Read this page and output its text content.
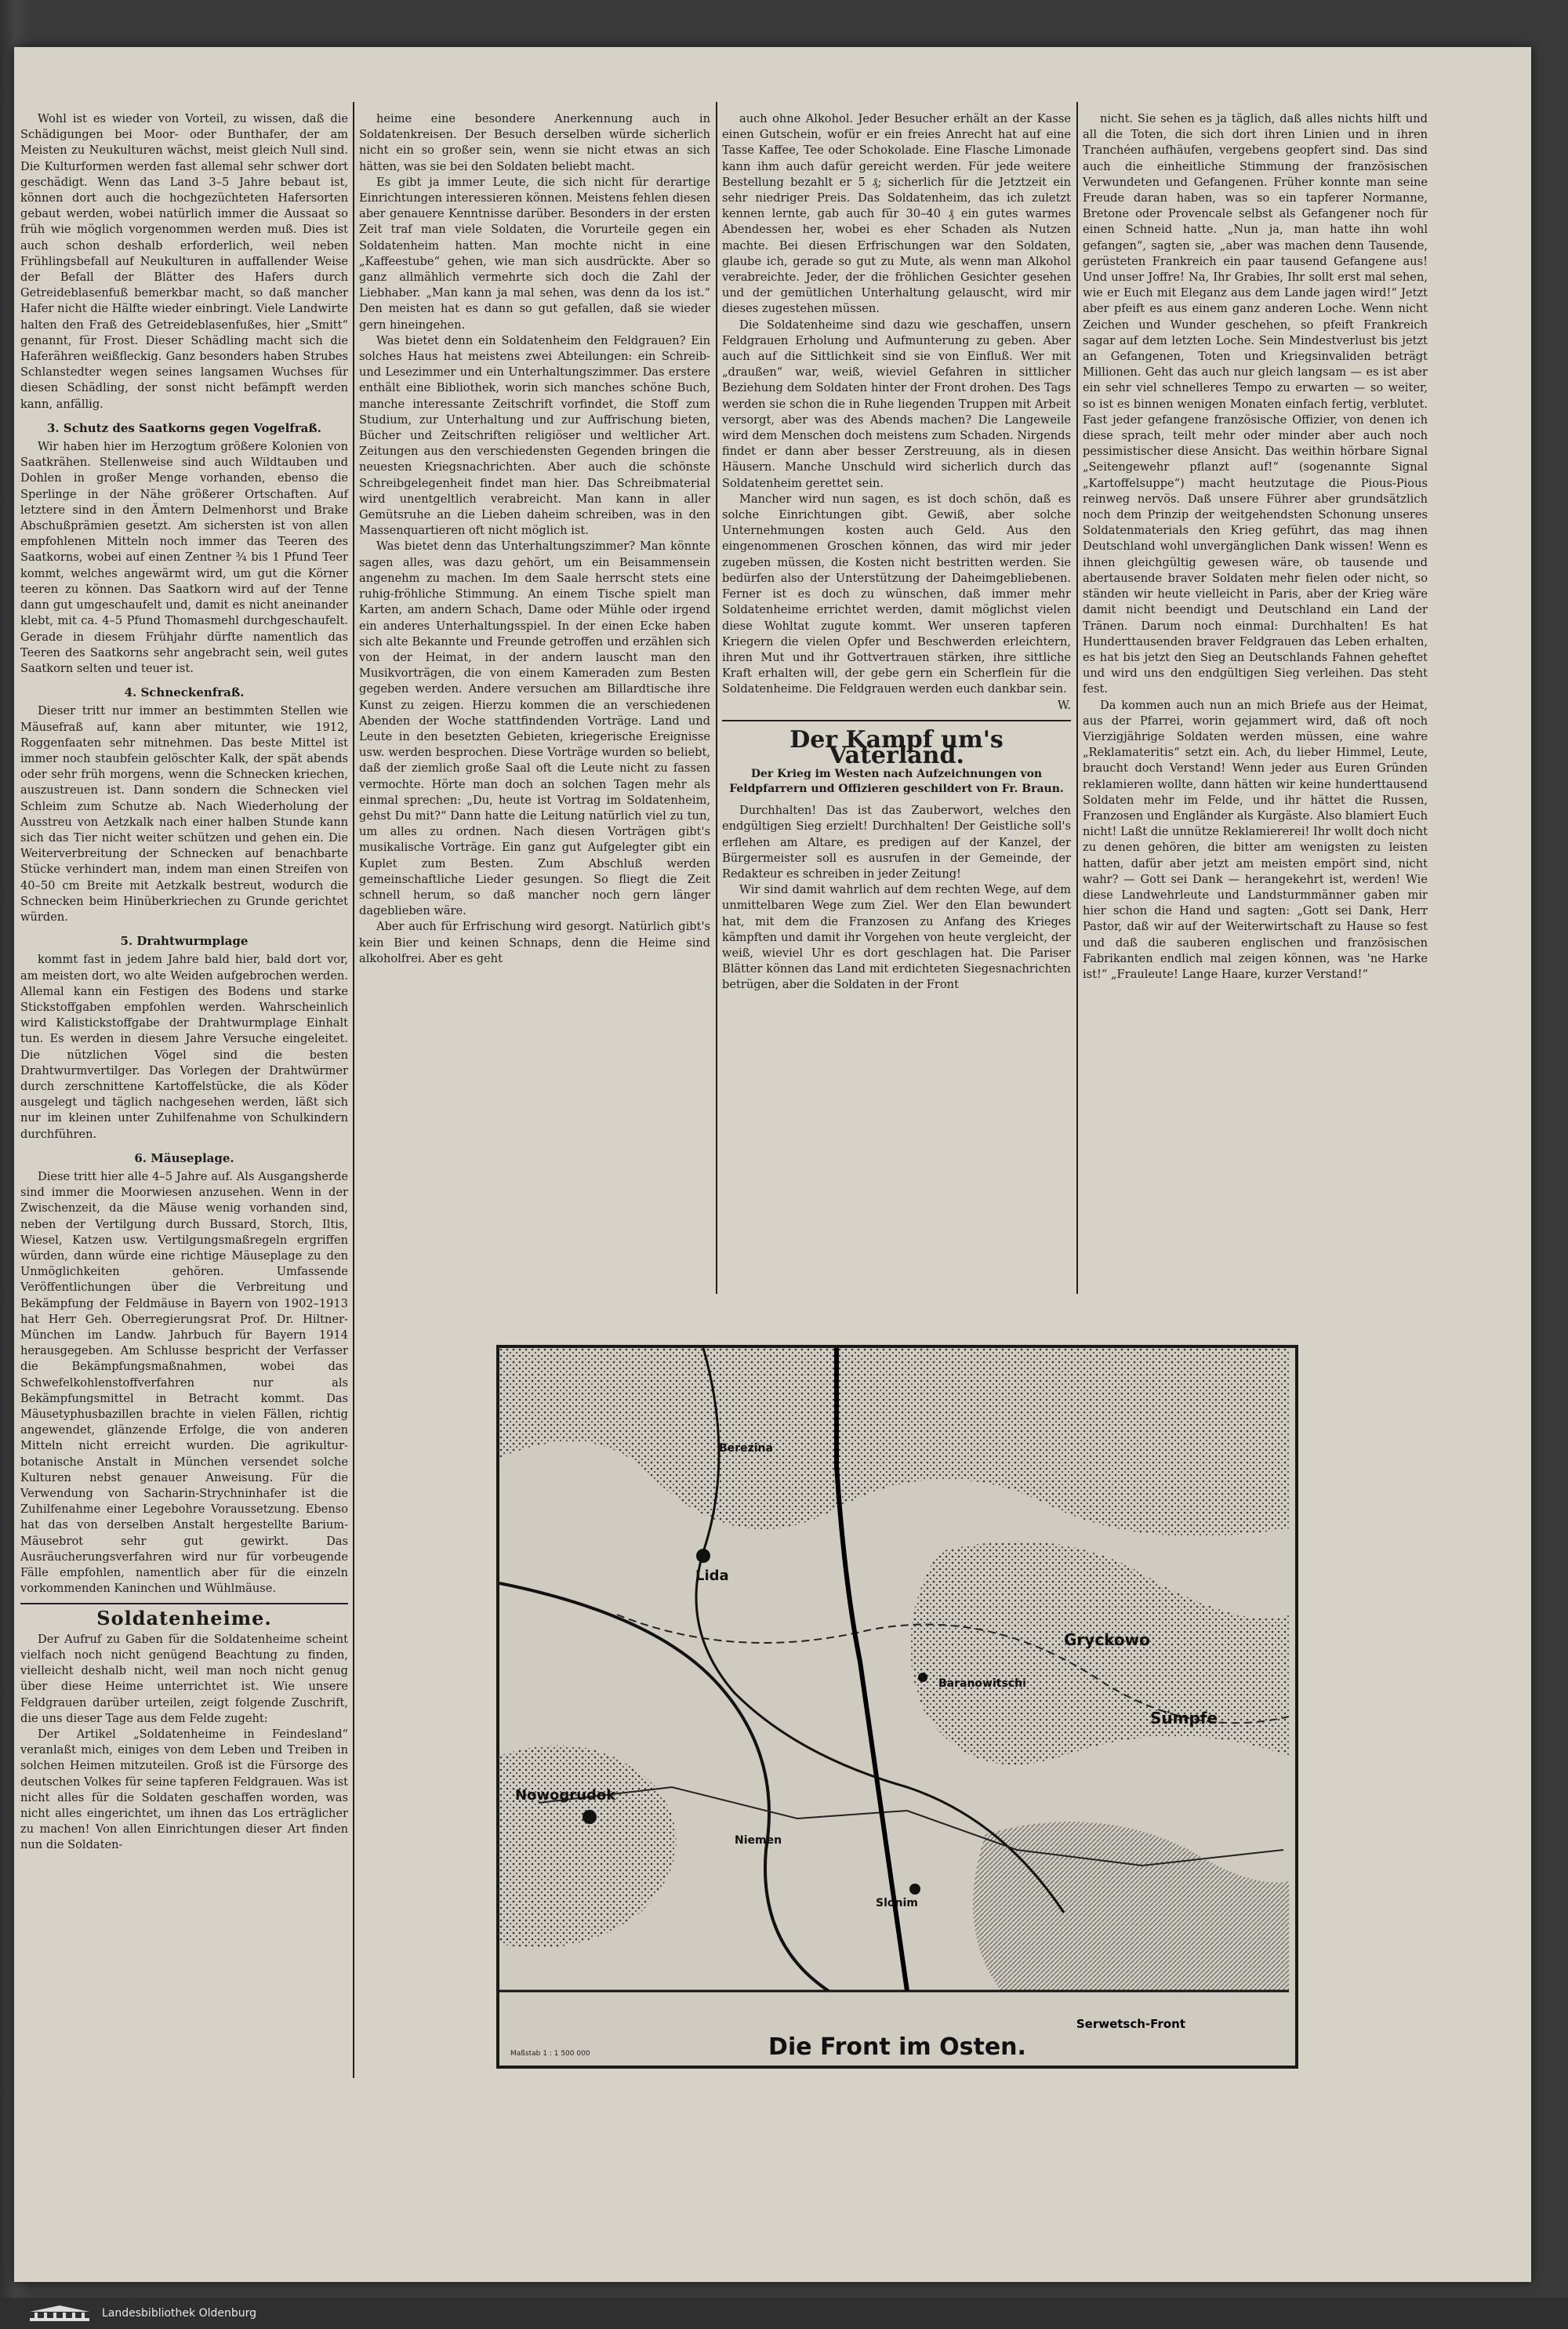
Wohl ist es wieder von Vorteil, zu wissen, daß die Schädigungen bei Moor- oder Bunthafer, der am Meisten zu Neukulturen wächst, meist gleich Null sind. Die Kulturformen werden fast allemal sehr schwer dort geschädigt. Wenn das Land 3–5 Jahre bebaut ist, können dort auch die hochgezüchteten Hafersorten gebaut werden, wobei natürlich immer die Aussaat so früh wie möglich vorgenommen werden muß. Dies ist auch schon deshalb erforderlich, weil neben Frühlingsbefall auf Neukulturen in auffallender Weise der Befall der Blätter des Hafers durch Getreideblasenfuß bemerkbar macht, so daß mancher Hafer nicht die Hälfte wieder einbringt. Viele Landwirte halten den Fraß des Getreideblasenfußes, hier „Smitt“ genannt, für Frost. Dieser Schädling macht sich die Haferähren weißfleckig. Ganz besonders haben Strubes Schlanstedter wegen seines langsamen Wuchses für diesen Schädling, der sonst nicht befämpft werden kann, anfällig.

3. Schutz des Saatkorns gegen Vogelfraß.

Wir haben hier im Herzogtum größere Kolonien von Saatkrähen. Stellenweise sind auch Wildtauben und Dohlen in großer Menge vorhanden, ebenso die Sperlinge in der Nähe größerer Ortschaften. Auf letztere sind in den Ämtern Delmenhorst und Brake Abschußprämien gesetzt. Am sichersten ist von allen empfohlenen Mitteln noch immer das Teeren des Saatkorns, wobei auf einen Zentner ¾ bis 1 Pfund Teer kommt, welches angewärmt wird, um gut die Körner teeren zu können. Das Saatkorn wird auf der Tenne dann gut umgeschaufelt und, damit es nicht aneinander klebt, mit ca. 4–5 Pfund Thomasmehl durchgeschaufelt. Gerade in diesem Frühjahr dürfte namentlich das Teeren des Saatkorns sehr angebracht sein, weil gutes Saatkorn selten und teuer ist.

4. Schneckenfraß.

Dieser tritt nur immer an bestimmten Stellen wie Mäusefraß auf, kann aber mitunter, wie 1912, Roggenfaaten sehr mitnehmen. Das beste Mittel ist immer noch staubfein gelöschter Kalk, der spät abends oder sehr früh morgens, wenn die Schnecken kriechen, auszustreuen ist. Dann sondern die Schnecken viel Schleim zum Schutze ab. Nach Wiederholung der Ausstreu von Aetzkalk nach einer halben Stunde kann sich das Tier nicht weiter schützen und gehen ein. Die Weiterverbreitung der Schnecken auf benachbarte Stücke verhindert man, indem man einen Streifen von 40–50 cm Breite mit Aetzkalk bestreut, wodurch die Schnecken beim Hinüberkriechen zu Grunde gerichtet würden.

5. Drahtwurmplage

kommt fast in jedem Jahre bald hier, bald dort vor, am meisten dort, wo alte Weiden aufgebrochen werden. Allemal kann ein Festigen des Bodens und starke Stickstoffgaben empfohlen werden. Wahrscheinlich wird Kalistickstoffgabe der Drahtwurmplage Einhalt tun. Es werden in diesem Jahre Versuche eingeleitet. Die nützlichen Vögel sind die besten Drahtwurmvertilger. Das Vorlegen der Drahtwürmer durch zerschnittene Kartoffelstücke, die als Köder ausgelegt und täglich nachgesehen werden, läßt sich nur im kleinen unter Zuhilfenahme von Schulkindern durchführen.

6. Mäuseplage.

Diese tritt hier alle 4–5 Jahre auf. Als Ausgangsherde sind immer die Moorwiesen anzusehen. Wenn in der Zwischenzeit, da die Mäuse wenig vorhanden sind, neben der Vertilgung durch Bussard, Storch, Iltis, Wiesel, Katzen usw. Vertilgungsmaßregeln ergriffen würden, dann würde eine richtige Mäuseplage zu den Unmöglichkeiten gehören. Umfassende Veröffentlichungen über die Verbreitung und Bekämpfung der Feldmäuse in Bayern von 1902–1913 hat Herr Geh. Oberregierungsrat Prof. Dr. Hiltner-München im Landw. Jahrbuch für Bayern 1914 herausgegeben. Am Schlusse bespricht der Verfasser die Bekämpfungsmaßnahmen, wobei das Schwefelkohlenstoffverfahren nur als Bekämpfungsmittel in Betracht kommt. Das Mäusetyphusbazillen brachte in vielen Fällen, richtig angewendet, glänzende Erfolge, die von anderen Mitteln nicht erreicht wurden. Die agrikultur-botanische Anstalt in München versendet solche Kulturen nebst genauer Anweisung. Für die Verwendung von Sacharin-Strychninhafer ist die Zuhilfenahme einer Legebohre Voraussetzung. Ebenso hat das von derselben Anstalt hergestellte Barium-Mäusebrot sehr gut gewirkt. Das Ausräucherungsverfahren wird nur für vorbeugende Fälle empfohlen, namentlich aber für die einzeln vorkommenden Kaninchen und Wühlmäuse.

Soldatenheime.

Der Aufruf zu Gaben für die Soldatenheime scheint vielfach noch nicht genügend Beachtung zu finden, vielleicht deshalb nicht, weil man noch nicht genug über diese Heime unterrichtet ist. Wie unsere Feldgrauen darüber urteilen, zeigt folgende Zuschrift, die uns dieser Tage aus dem Felde zugeht:

Der Artikel „Soldatenheime in Feindesland“ veranlaßt mich, einiges von dem Leben und Treiben in solchen Heimen mitzuteilen. Groß ist die Fürsorge des deutschen Volkes für seine tapferen Feldgrauen. Was ist nicht alles für die Soldaten geschaffen worden, was nicht alles eingerichtet, um ihnen das Los erträglicher zu machen! Von allen Einrichtungen dieser Art finden nun die Soldaten-

heime eine besondere Anerkennung auch in Soldatenkreisen. Der Besuch derselben würde sicherlich nicht ein so großer sein, wenn sie nicht etwas an sich hätten, was sie bei den Soldaten beliebt macht.

Es gibt ja immer Leute, die sich nicht für derartige Einrichtungen interessieren können. Meistens fehlen diesen aber genauere Kenntnisse darüber. Besonders in der ersten Zeit traf man viele Soldaten, die Vorurteile gegen ein Soldatenheim hatten. Man mochte nicht in eine „Kaffeestube“ gehen, wie man sich ausdrückte. Aber so ganz allmählich vermehrte sich doch die Zahl der Liebhaber. „Man kann ja mal sehen, was denn da los ist.“ Den meisten hat es dann so gut gefallen, daß sie wieder gern hineingehen.

Was bietet denn ein Soldatenheim den Feldgrauen? Ein solches Haus hat meistens zwei Abteilungen: ein Schreib- und Lesezimmer und ein Unterhaltungszimmer. Das erstere enthält eine Bibliothek, worin sich manches schöne Buch, manche interessante Zeitschrift vorfindet, die Stoff zum Studium, zur Unterhaltung und zur Auffrischung bieten, Bücher und Zeitschriften religiöser und weltlicher Art. Zeitungen aus den verschiedensten Gegenden bringen die neuesten Kriegsnachrichten. Aber auch die schönste Schreibgelegenheit findet man hier. Das Schreibmaterial wird unentgeltlich verabreicht. Man kann in aller Gemütsruhe an die Lieben daheim schreiben, was in den Massenquartieren oft nicht möglich ist.

Was bietet denn das Unterhaltungszimmer? Man könnte sagen alles, was dazu gehört, um ein Beisammensein angenehm zu machen. Im dem Saale herrscht stets eine ruhig-fröhliche Stimmung. An einem Tische spielt man Karten, am andern Schach, Dame oder Mühle oder irgend ein anderes Unterhaltungsspiel. In der einen Ecke haben sich alte Bekannte und Freunde getroffen und erzählen sich von der Heimat, in der andern lauscht man den Musikvorträgen, die von einem Kameraden zum Besten gegeben werden. Andere versuchen am Billardtische ihre Kunst zu zeigen. Hierzu kommen die an verschiedenen Abenden der Woche stattfindenden Vorträge. Land und Leute in den besetzten Gebieten, kriegerische Ereignisse usw. werden besprochen. Diese Vorträge wurden so beliebt, daß der ziemlich große Saal oft die Leute nicht zu fassen vermochte. Hörte man doch an solchen Tagen mehr als einmal sprechen: „Du, heute ist Vortrag im Soldatenheim, gehst Du mit?“ Dann hatte die Leitung natürlich viel zu tun, um alles zu ordnen. Nach diesen Vorträgen gibt's musikalische Vorträge. Ein ganz gut Aufgelegter gibt ein Kuplet zum Besten. Zum Abschluß werden gemeinschaftliche Lieder gesungen. So fliegt die Zeit schnell herum, so daß mancher noch gern länger dageblieben wäre.

Aber auch für Erfrischung wird gesorgt. Natürlich gibt's kein Bier und keinen Schnaps, denn die Heime sind alkoholfrei. Aber es geht

auch ohne Alkohol. Jeder Besucher erhält an der Kasse einen Gutschein, wofür er ein freies Anrecht hat auf eine Tasse Kaffee, Tee oder Schokolade. Eine Flasche Limonade kann ihm auch dafür gereicht werden. Für jede weitere Bestellung bezahlt er 5 ₰; sicherlich für die Jetztzeit ein sehr niedriger Preis. Das Soldatenheim, das ich zuletzt kennen lernte, gab auch für 30–40 ₰ ein gutes warmes Abendessen her, wobei es eher Schaden als Nutzen machte. Bei diesen Erfrischungen war den Soldaten, glaube ich, gerade so gut zu Mute, als wenn man Alkohol verabreichte. Jeder, der die fröhlichen Gesichter gesehen und der gemütlichen Unterhaltung gelauscht, wird mir dieses zugestehen müssen.

Die Soldatenheime sind dazu wie geschaffen, unsern Feldgrauen Erholung und Aufmunterung zu geben. Aber auch auf die Sittlichkeit sind sie von Einfluß. Wer mit „draußen“ war, weiß, wieviel Gefahren in sittlicher Beziehung dem Soldaten hinter der Front drohen. Des Tags werden sie schon die in Ruhe liegenden Truppen mit Arbeit versorgt, aber was des Abends machen? Die Langeweile wird dem Menschen doch meistens zum Schaden. Nirgends findet er dann aber besser Zerstreuung, als in diesen Häusern. Manche Unschuld wird sicherlich durch das Soldatenheim gerettet sein.

Mancher wird nun sagen, es ist doch schön, daß es solche Einrichtungen gibt. Gewiß, aber solche Unternehmungen kosten auch Geld. Aus den eingenommenen Groschen können, das wird mir jeder zugeben müssen, die Kosten nicht bestritten werden. Sie bedürfen also der Unterstützung der Daheimgebliebenen. Ferner ist es doch zu wünschen, daß immer mehr Soldatenheime errichtet werden, damit möglichst vielen diese Wohltat zugute kommt. Wer unseren tapferen Kriegern die vielen Opfer und Beschwerden erleichtern, ihren Mut und ihr Gottvertrauen stärken, ihre sittliche Kraft erhalten will, der gebe gern ein Scherflein für die Soldatenheime. Die Feldgrauen werden euch dankbar sein.

W.

Der Kampf um's Vaterland.

Der Krieg im Westen nach Aufzeichnungen von Feldpfarrern und Offizieren geschildert von Fr. Braun.

Durchhalten! Das ist das Zauberwort, welches den endgültigen Sieg erzielt! Durchhalten! Der Geistliche soll's erflehen am Altare, es predigen auf der Kanzel, der Bürgermeister soll es ausrufen in der Gemeinde, der Redakteur es schreiben in jeder Zeitung!

Wir sind damit wahrlich auf dem rechten Wege, auf dem unmittelbaren Wege zum Ziel. Wer den Elan bewundert hat, mit dem die Franzosen zu Anfang des Krieges kämpften und damit ihr Vorgehen von heute vergleicht, der weiß, wieviel Uhr es dort geschlagen hat. Die Pariser Blätter können das Land mit erdichteten Siegesnachrichten betrügen, aber die Soldaten in der Front

nicht. Sie sehen es ja täglich, daß alles nichts hilft und all die Toten, die sich dort ihren Linien und in ihren Tranchéen aufhäufen, vergebens geopfert sind. Das sind auch die einheitliche Stimmung der französischen Verwundeten und Gefangenen. Früher konnte man seine Freude daran haben, was so ein tapferer Normanne, Bretone oder Provencale selbst als Gefangener noch für einen Schneid hatte. „Nun ja, man hatte ihn wohl gefangen“, sagten sie, „aber was machen denn Tausende, gerüsteten Frankreich ein paar tausend Gefangene aus! Und unser Joffre! Na, Ihr Grabies, Ihr sollt erst mal sehen, wie er Euch mit Eleganz aus dem Lande jagen wird!“ Jetzt aber pfeift es aus einem ganz anderen Loche. Wenn nicht Zeichen und Wunder geschehen, so pfeift Frankreich sagar auf dem letzten Loche. Sein Mindestverlust bis jetzt an Gefangenen, Toten und Kriegsinvaliden beträgt Millionen. Geht das auch nur gleich langsam — es ist aber ein sehr viel schnelleres Tempo zu erwarten — so weiter, so ist es binnen wenigen Monaten einfach fertig, verblutet. Fast jeder gefangene französische Offizier, von denen ich diese sprach, teilt mehr oder minder aber auch noch pessimistischer diese Ansicht. Das weithin hörbare Signal „Seitengewehr pflanzt auf!“ (sogenannte Signal „Kartoffelsuppe“) macht heutzutage die Pious-Pious reinweg nervös. Daß unsere Führer aber grundsätzlich noch dem Prinzip der weitgehendsten Schonung unseres Soldatenmaterials den Krieg geführt, das mag ihnen Deutschland wohl unvergänglichen Dank wissen! Wenn es ihnen gleichgültig gewesen wäre, ob tausende und abertausende braver Soldaten mehr fielen oder nicht, so ständen wir heute vielleicht in Paris, aber der Krieg wäre damit nicht beendigt und Deutschland ein Land der Tränen. Darum noch einmal: Durchhalten! Es hat Hunderttausenden braver Feldgrauen das Leben erhalten, es hat bis jetzt den Sieg an Deutschlands Fahnen geheftet und wird uns den endgültigen Sieg verleihen. Das steht fest.

Da kommen auch nun an mich Briefe aus der Heimat, aus der Pfarrei, worin gejammert wird, daß oft noch Vierzigjährige Soldaten werden müssen, eine wahre „Reklamateritis“ setzt ein. Ach, du lieber Himmel, Leute, braucht doch Verstand! Wenn jeder aus Euren Gründen reklamieren wollte, dann hätten wir keine hunderttausend Soldaten mehr im Felde, und ihr hättet die Russen, Franzosen und Engländer als Kurgäste. Also blamiert Euch nicht! Laßt die unnütze Reklamiererei! Ihr wollt doch nicht zu denen gehören, die bitter am wenigsten zu leisten hatten, dafür aber jetzt am meisten empört sind, nicht wahr? — Gott sei Dank — herangekehrt ist, werden! Wie diese Landwehrleute und Landsturmmänner gaben mir hier schon die Hand und sagten: „Gott sei Dank, Herr Pastor, daß wir auf der Weiterwirtschaft zu Hause so fest und daß die sauberen englischen und französischen Fabrikanten endlich mal zeigen können, was 'ne Harke ist!“ „Frauleute! Lange Haare, kurzer Verstand!“

Lida
Nowogrudok
Berezina
Slonim
Baranowitschi
Niemen
Gryckowo
Sümpfe
Serwetsch-Front
Maßstab 1 : 1 500 000	Die Front im Osten.
Landesbibliothek Oldenburg
